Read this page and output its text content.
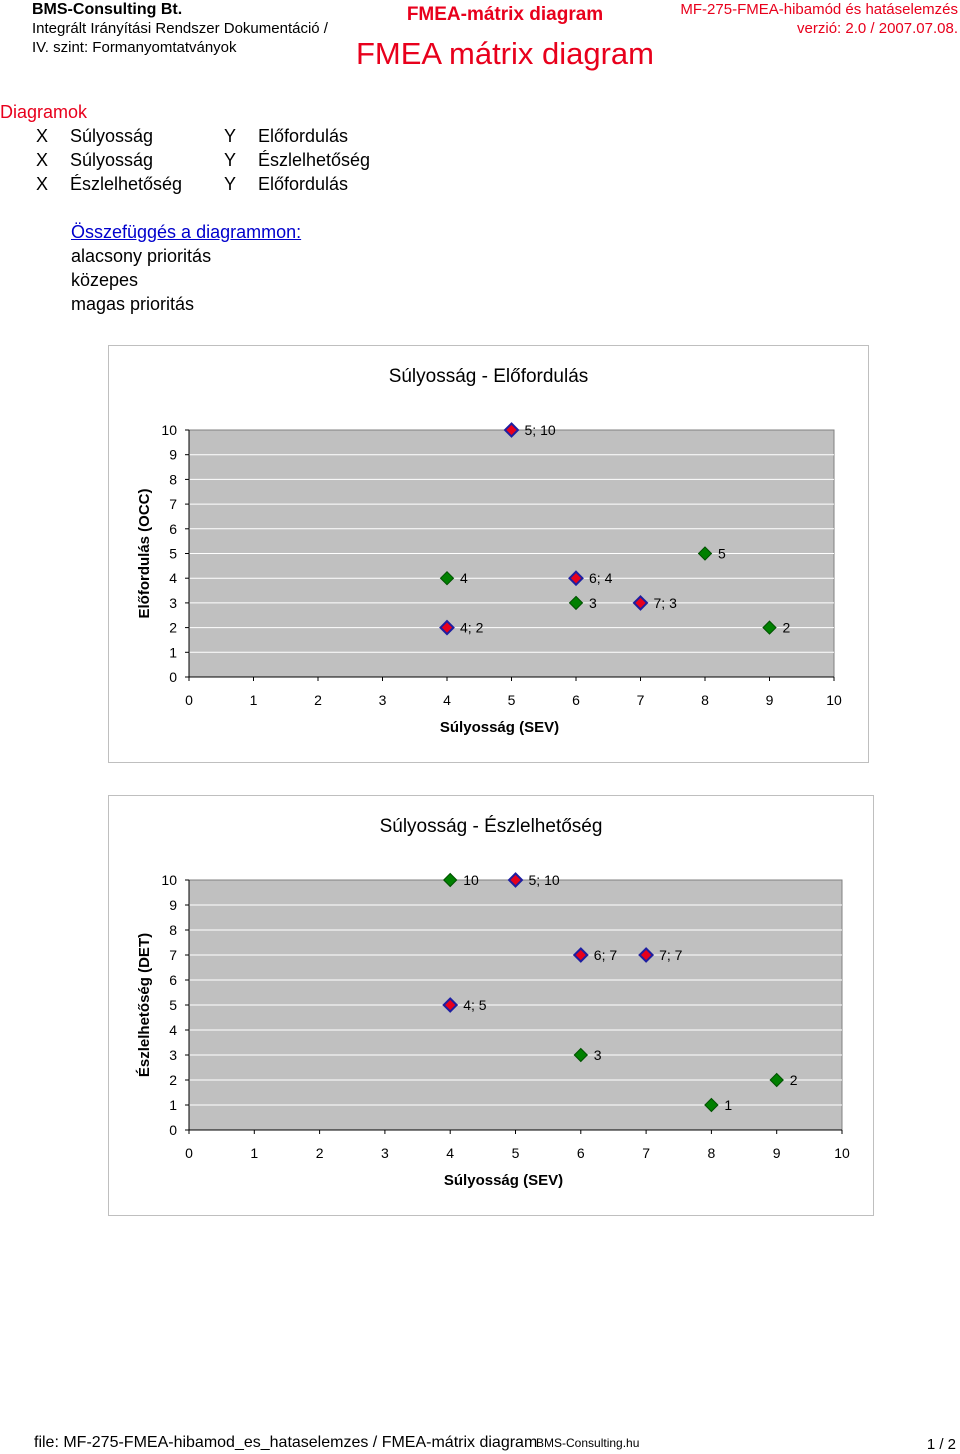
BMS-Consulting Bt.
Integrált Irányítási Rendszer Dokumentáció /
IV. szint: Formanyomtatványok
FMEA-mátrix diagram
FMEA mátrix diagram
MF-275-FMEA-hibamód és hatáselemzés
verzió: 2.0 / 2007.07.08.
Diagramok
X	Súlyosság	Y	Előfordulás
X	Súlyosság	Y	Észlelhetőség
X	Észlelhetőség	Y	Előfordulás
Összefüggés a diagrammon:
alacsony prioritás
közepes
magas prioritás
Súlyosság - Előfordulás
0
1
2
3
4
5
6
7
8
9
10
0	1	2	3	4	5	6	7	8	9	10
Súlyosság (SEV)
Előfordulás (OCC)
5; 10
4	6; 4
3	7; 3
4; 2
5
2
Súlyosság - Észlelhetőség
0
1
2
3
4
5
6
7
8
9
10
0	1	2	3	4	5	6	7	8	9	10
Súlyosság (SEV)
Észlelhetőség (DET)
10	5; 10
6; 7	7; 7
4; 5
3
2
1
file: MF-275-FMEA-hibamod_es_hataselemzes / FMEA-mátrix diagram
BMS-Consulting.hu	1 / 2
